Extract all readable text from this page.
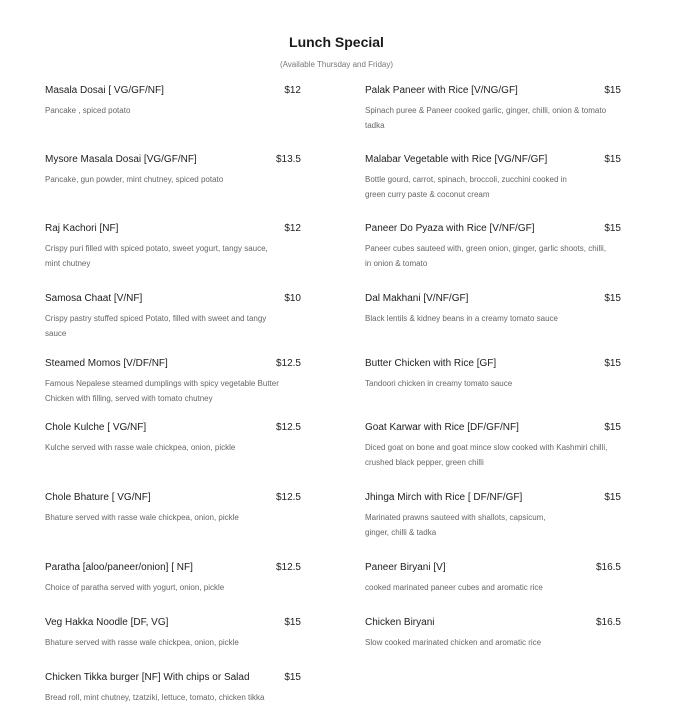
Lunch Special
(Available Thursday and Friday)
Masala Dosai [ VG/GF/NF]	$12
Pancake , spiced potato
Mysore Masala Dosai [VG/GF/NF]	$13.5
Pancake, gun powder, mint chutney, spiced potato
Raj Kachori [NF]	$12
Crispy puri filled with spiced potato, sweet yogurt, tangy sauce, mint chutney
Samosa Chaat [V/NF]	$10
Crispy pastry stuffed spiced Potato, filled with sweet and tangy sauce
Steamed Momos [V/DF/NF]	$12.5
Famous Nepalese steamed dumplings with spicy vegetable Butter Chicken with filling, served with tomato chutney
Chole Kulche [ VG/NF]	$12.5
Kulche served with rasse wale chickpea, onion, pickle
Chole Bhature [ VG/NF]	$12.5
Bhature served with rasse wale chickpea, onion, pickle
Paratha [aloo/paneer/onion] [ NF]	$12.5
Choice of paratha served with yogurt, onion, pickle
Veg Hakka Noodle [DF, VG]	$15
Bhature served with rasse wale chickpea, onion, pickle
Chicken Tikka burger [NF] With chips or Salad	$15
Bread roll, mint chutney, tzatziki, lettuce, tomato, chicken tikka
Palak Paneer with Rice [V/NG/GF]	$15
Spinach puree & Paneer cooked garlic, ginger, chilli, onion & tomato tadka
Malabar Vegetable with Rice [VG/NF/GF]	$15
Bottle gourd, carrot, spinach, broccoli, zucchini cooked in green curry paste & coconut cream
Paneer Do Pyaza with Rice [V/NF/GF]	$15
Paneer cubes sauteed with, green onion, ginger, garlic shoots, chilli, in onion & tomato
Dal Makhani [V/NF/GF]	$15
Black lentils & kidney beans in a creamy tomato sauce
Butter Chicken with Rice [GF]	$15
Tandoori chicken in creamy tomato sauce
Goat Karwar with Rice [DF/GF/NF]	$15
Diced goat on bone and goat mince slow cooked with Kashmiri chilli, crushed black pepper, green chilli
Jhinga Mirch with Rice [ DF/NF/GF]	$15
Marinated prawns sauteed with shallots, capsicum, ginger, chilli & tadka
Paneer Biryani [V]	$16.5
cooked marinated paneer cubes and aromatic rice
Chicken Biryani	$16.5
Slow cooked marinated chicken and aromatic rice
